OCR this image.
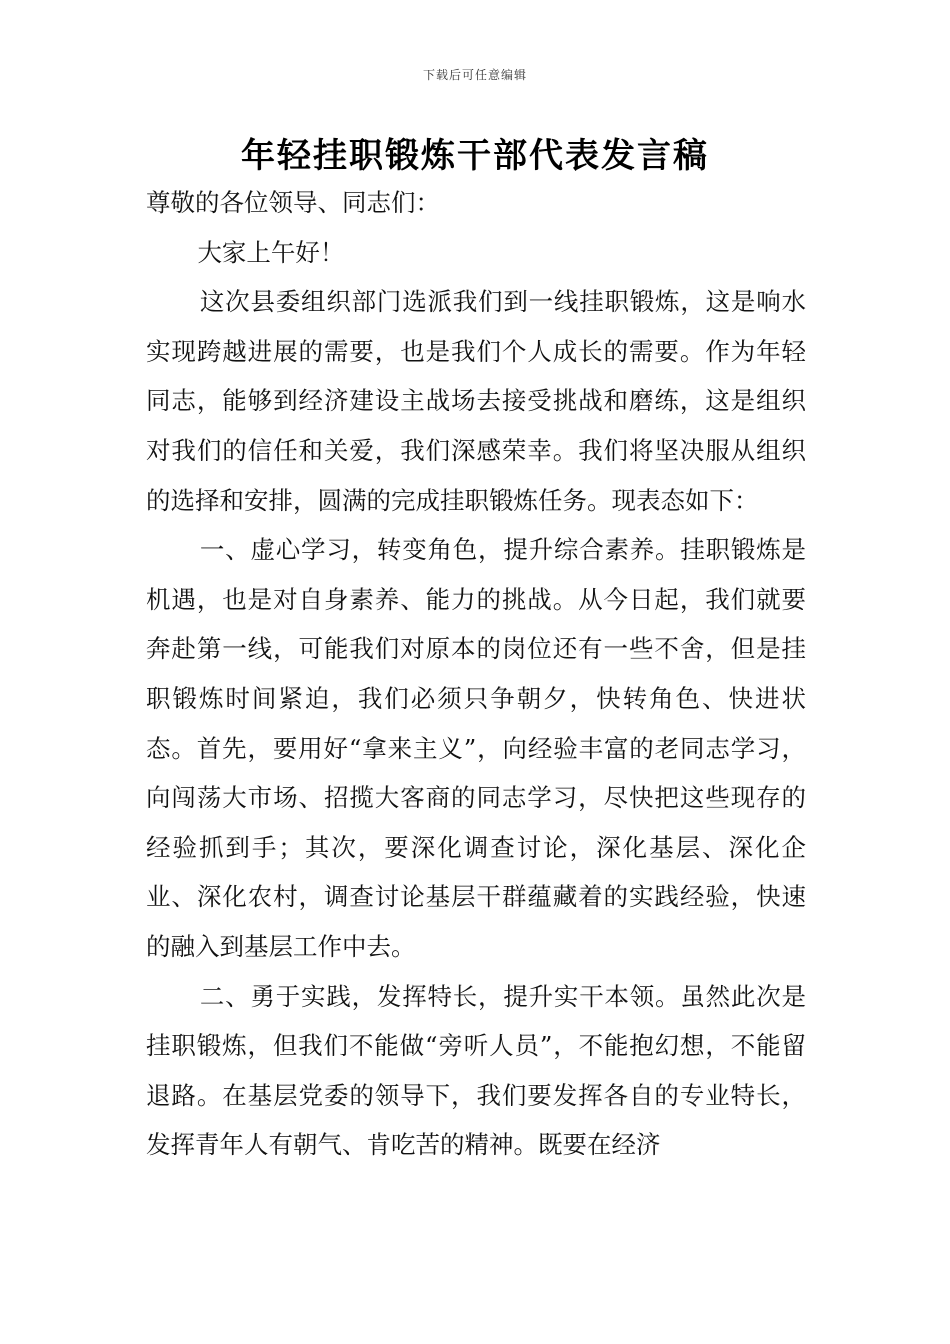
下载后可任意编辑
年轻挂职锻炼干部代表发言稿

尊敬的各位领导、同志们：

大家上午好！

这次县委组织部门选派我们到一线挂职锻炼，这是响水实现跨越进展的需要，也是我们个人成长的需要。作为年轻同志，能够到经济建设主战场去接受挑战和磨练，这是组织对我们的信任和关爱，我们深感荣幸。我们将坚决服从组织的选择和安排，圆满的完成挂职锻炼任务。现表态如下：

一、虚心学习，转变角色，提升综合素养。挂职锻炼是机遇，也是对自身素养、能力的挑战。从今日起，我们就要奔赴第一线，可能我们对原本的岗位还有一些不舍，但是挂职锻炼时间紧迫，我们必须只争朝夕，快转角色、快进状态。首先，要用好“拿来主义”，向经验丰富的老同志学习，向闯荡大市场、招揽大客商的同志学习，尽快把这些现存的经验抓到手；其次，要深化调查讨论，深化基层、深化企业、深化农村，调查讨论基层干群蕴藏着的实践经验，快速的融入到基层工作中去。

二、勇于实践，发挥特长，提升实干本领。虽然此次是挂职锻炼，但我们不能做“旁听人员”，不能抱幻想，不能留退路。在基层党委的领导下，我们要发挥各自的专业特长，发挥青年人有朝气、肯吃苦的精神。既要在经济
